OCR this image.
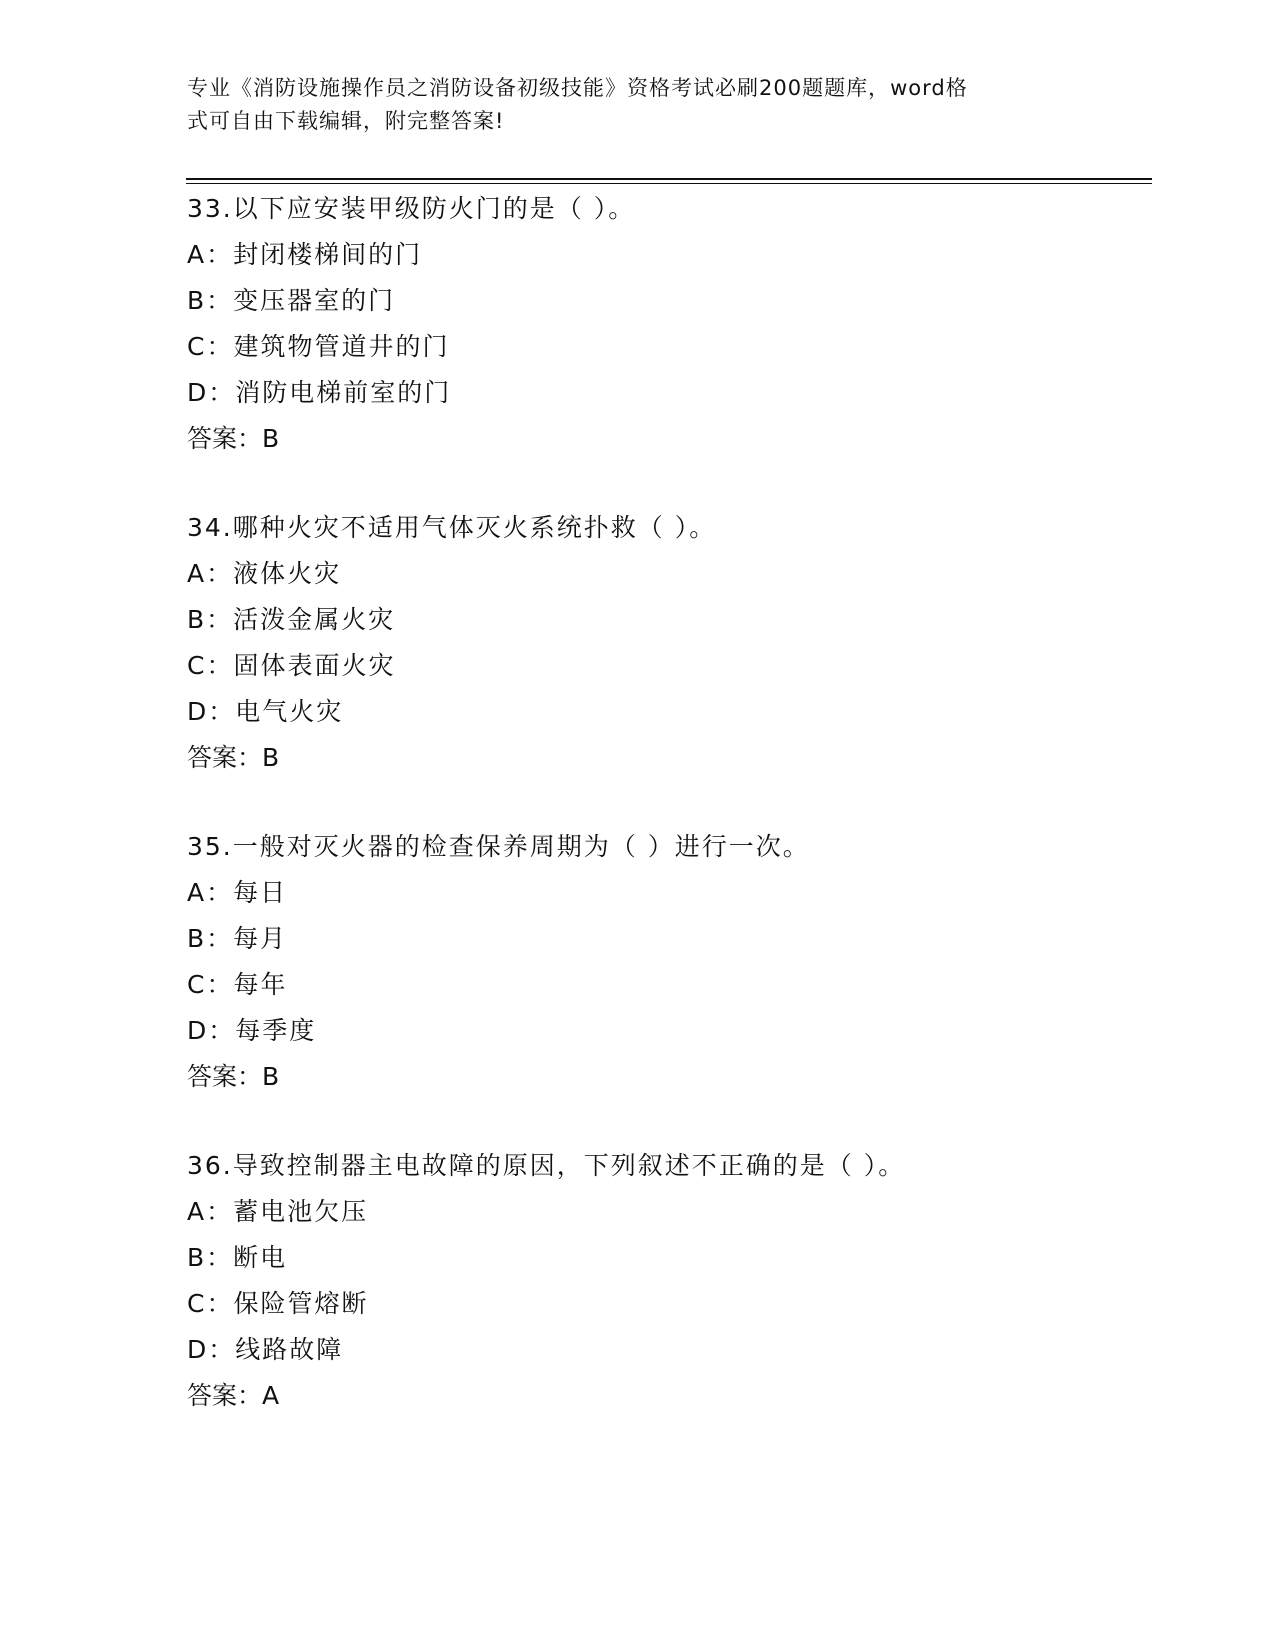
专业《消防设施操作员之消防设备初级技能》资格考试必刷200题题库，word格
式可自由下载编辑，附完整答案!
33.以下应安装甲级防火门的是（ ）。
A：封闭楼梯间的门
B：变压器室的门
C：建筑物管道井的门
D：消防电梯前室的门
答案：B
34.哪种火灾不适用气体灭火系统扑救（ ）。
A：液体火灾
B：活泼金属火灾
C：固体表面火灾
D：电气火灾
答案：B
35.一般对灭火器的检查保养周期为（ ）进行一次。
A：每日
B：每月
C：每年
D：每季度
答案：B
36.导致控制器主电故障的原因，下列叙述不正确的是（ ）。
A：蓄电池欠压
B：断电
C：保险管熔断
D：线路故障
答案：A
